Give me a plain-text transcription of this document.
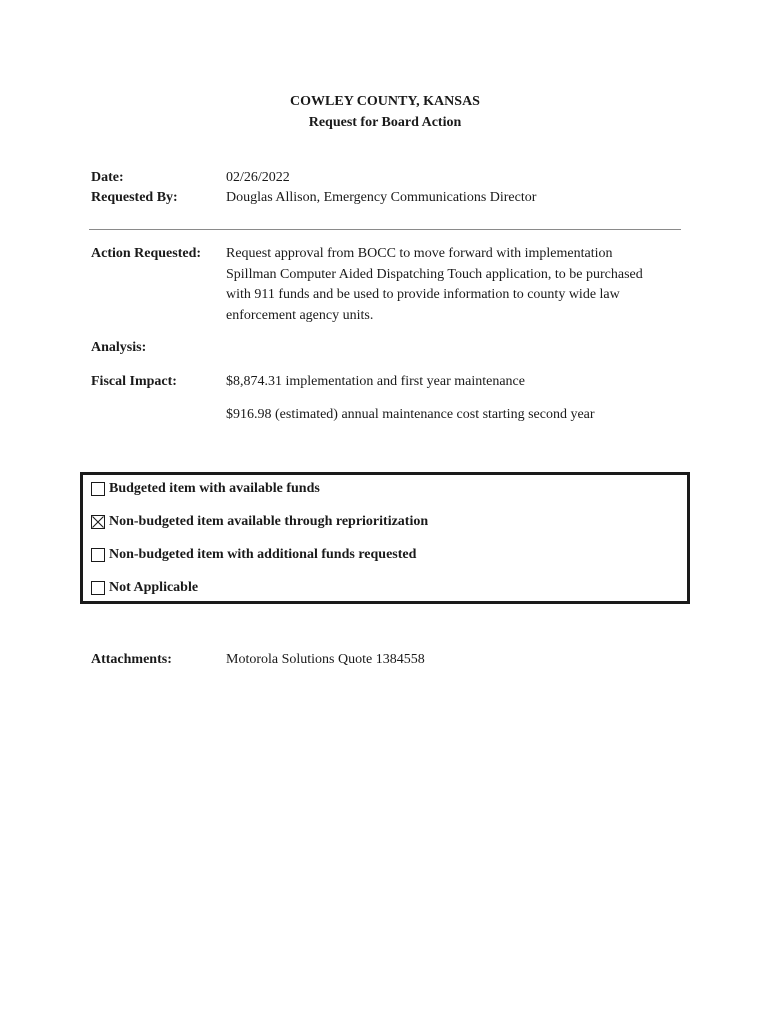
COWLEY COUNTY, KANSAS
Request for Board Action
Date:	02/26/2022
Requested By:	Douglas Allison, Emergency Communications Director
Action Requested: Request approval from BOCC to move forward with implementation
Spillman Computer Aided Dispatching Touch application, to be purchased
with 911 funds and be used to provide information to county wide law
enforcement agency units.
Analysis:
Fiscal Impact:	$8,874.31 implementation and first year maintenance
$916.98 (estimated) annual maintenance cost starting second year
Budgeted item with available funds
Non-budgeted item available through reprioritization
Non-budgeted item with additional funds requested
Not Applicable
Attachments:	Motorola Solutions Quote 1384558
